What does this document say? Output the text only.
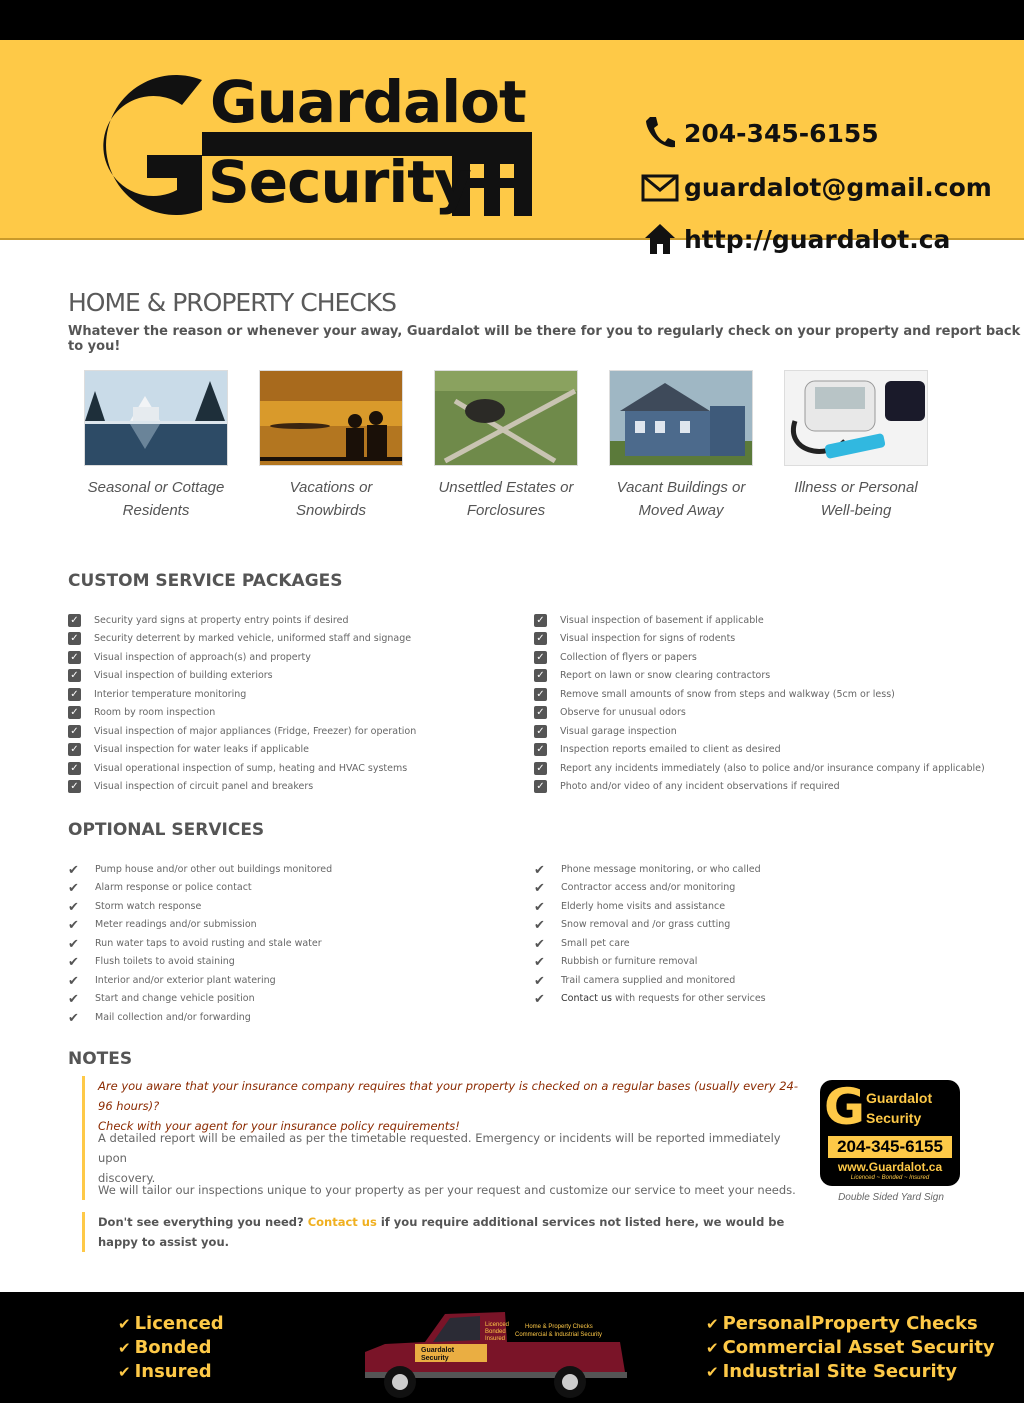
Guardalot
Security
204-345-6155
guardalot@gmail.com
http://guardalot.ca
HOME & PROPERTY CHECKS
Whatever the reason or whenever your away, Guardalot will be there for you to regularly check on your property and report back to you!
Seasonal or Cottage
Residents
Vacations or
Snowbirds
Unsettled Estates or
Forclosures
Vacant Buildings or
Moved Away
Illness or Personal
Well-being
CUSTOM SERVICE PACKAGES
✓ Security yard signs at property entry points if desired
✓ Security deterrent by marked vehicle, uniformed staff and signage
✓ Visual inspection of approach(s) and property
✓ Visual inspection of building exteriors
✓ Interior temperature monitoring
✓ Room by room inspection
✓ Visual inspection of major appliances (Fridge, Freezer) for operation
✓ Visual inspection for water leaks if applicable
✓ Visual operational inspection of sump, heating and HVAC systems
✓ Visual inspection of circuit panel and breakers
✓ Visual inspection of basement if applicable
✓ Visual inspection for signs of rodents
✓ Collection of flyers or papers
✓ Report on lawn or snow clearing contractors
✓ Remove small amounts of snow from steps and walkway (5cm or less)
✓ Observe for unusual odors
✓ Visual garage inspection
✓ Inspection reports emailed to client as desired
✓ Report any incidents immediately (also to police and/or insurance company if applicable)
✓ Photo and/or video of any incident observations if required
OPTIONAL SERVICES
✔	Pump house and/or other out buildings monitored
✔	Alarm response or police contact
✔	Storm watch response
✔	Meter readings and/or submission
✔	Run water taps to avoid rusting and stale water
✔	Flush toilets to avoid staining
✔	Interior and/or exterior plant watering
✔	Start and change vehicle position
✔	Mail collection and/or forwarding
✔	Phone message monitoring, or who called
✔	Contractor access and/or monitoring
✔	Elderly home visits and assistance
✔	Snow removal and /or grass cutting
✔	Small pet care
✔	Rubbish or furniture removal
✔	Trail camera supplied and monitored
✔	Contact us with requests for other services
NOTES
Are you aware that your insurance company requires that your property is checked on a regular bases (usually every 24-96 hours)?
Check with your agent for your insurance policy requirements!
A detailed report will be emailed as per the timetable requested. Emergency or incidents will be reported immediately upon
discovery.
We will tailor our inspections unique to your property as per your request and customize our service to meet your needs.
Don't see everything you need? Contact us if you require additional services not listed here, we would be happy to assist you.
G Guardalot
Security
204-345-6155
www.Guardalot.ca
Licenced ~ Bonded ~ Insured
Double Sided Yard Sign
✔ Licenced
✔ Bonded
✔ Insured
Guardalot
Security
Licenced
Bonded
Insured
Home & Property Checks
Commercial & Industrial Security
✔ PersonalProperty Checks
✔ Commercial Asset Security
✔ Industrial Site Security
